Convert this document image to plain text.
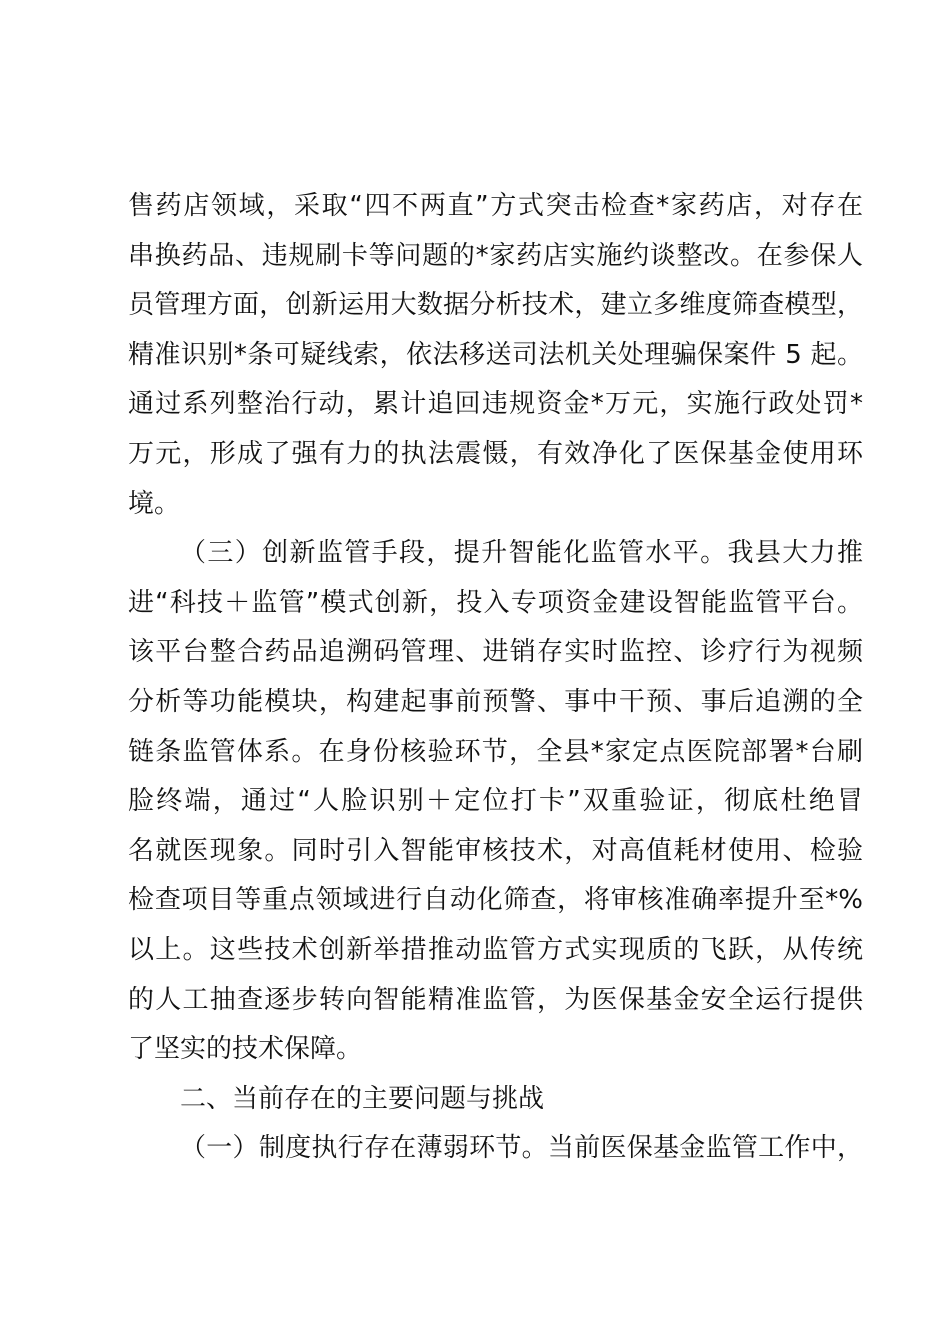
售药店领域，采取“四不两直”方式突击检查*家药店，对存在
串换药品、违规刷卡等问题的*家药店实施约谈整改。在参保人
员管理方面，创新运用大数据分析技术，建立多维度筛查模型，
精准识别*条可疑线索，依法移送司法机关处理骗保案件 5 起。
通过系列整治行动，累计追回违规资金*万元，实施行政处罚*
万元，形成了强有力的执法震慑，有效净化了医保基金使用环
境。
（三）创新监管手段，提升智能化监管水平。我县大力推
进“科技＋监管”模式创新，投入专项资金建设智能监管平台。
该平台整合药品追溯码管理、进销存实时监控、诊疗行为视频
分析等功能模块，构建起事前预警、事中干预、事后追溯的全
链条监管体系。在身份核验环节，全县*家定点医院部署*台刷
脸终端，通过“人脸识别＋定位打卡”双重验证，彻底杜绝冒
名就医现象。同时引入智能审核技术，对高值耗材使用、检验
检查项目等重点领域进行自动化筛查，将审核准确率提升至*%
以上。这些技术创新举措推动监管方式实现质的飞跃，从传统
的人工抽查逐步转向智能精准监管，为医保基金安全运行提供
了坚实的技术保障。
二、当前存在的主要问题与挑战
（一）制度执行存在薄弱环节。当前医保基金监管工作中，
